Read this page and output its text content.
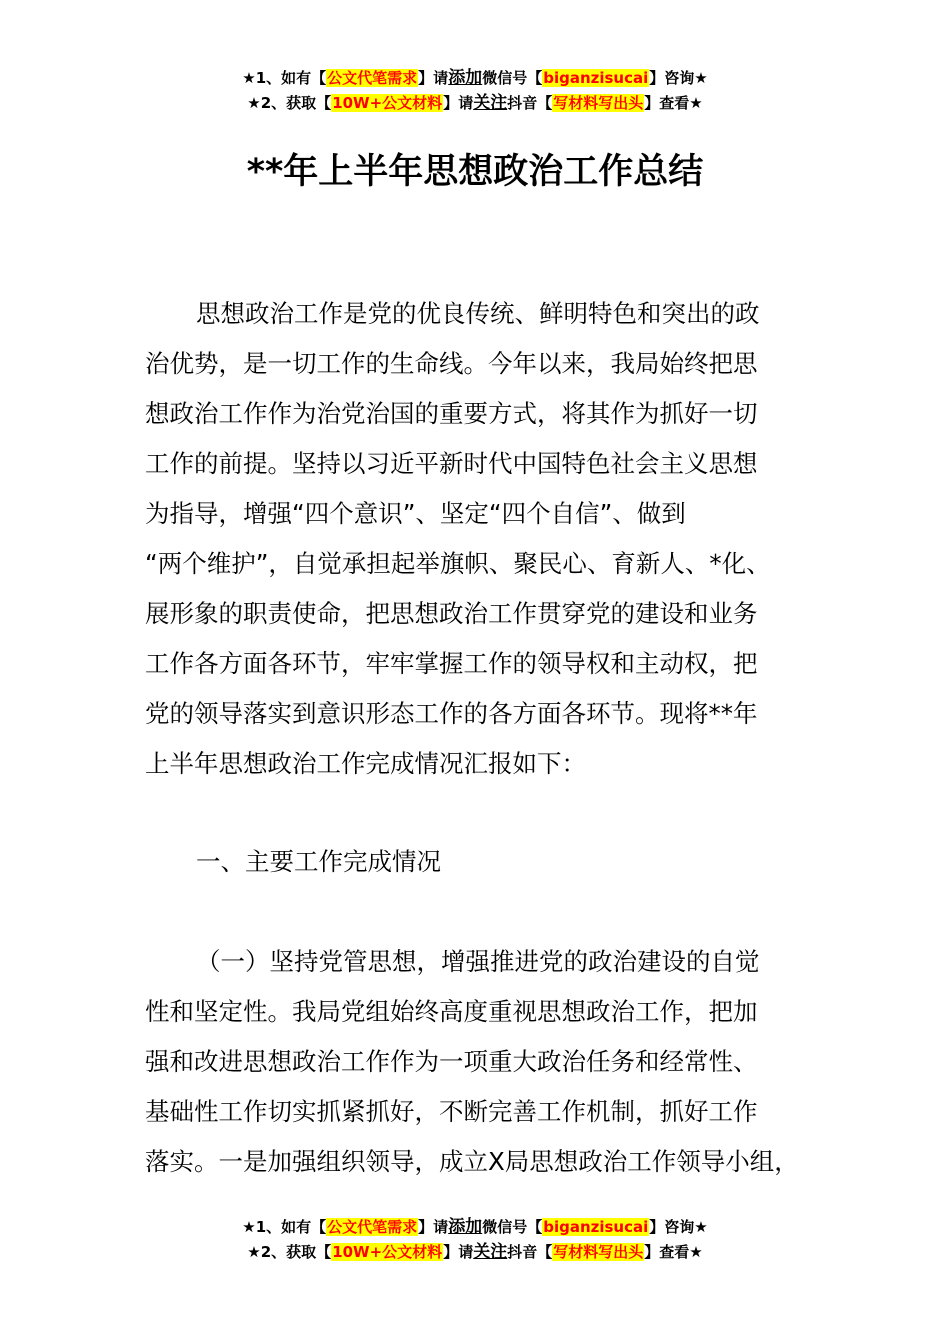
★1、如有【公文代笔需求】请添加微信号【biganzisucai】咨询★
★2、获取【10W+公文材料】请关注抖音【写材料写出头】查看★
**年上半年思想政治工作总结
思想政治工作是党的优良传统、鲜明特色和突出的政
治优势，是一切工作的生命线。今年以来，我局始终把思
想政治工作作为治党治国的重要方式，将其作为抓好一切
工作的前提。坚持以习近平新时代中国特色社会主义思想
为指导，增强“四个意识”、坚定“四个自信”、做到
“两个维护”，自觉承担起举旗帜、聚民心、育新人、*化、
展形象的职责使命，把思想政治工作贯穿党的建设和业务
工作各方面各环节，牢牢掌握工作的领导权和主动权，把
党的领导落实到意识形态工作的各方面各环节。现将**年
上半年思想政治工作完成情况汇报如下：
一、主要工作完成情况
（一）坚持党管思想，增强推进党的政治建设的自觉
性和坚定性。我局党组始终高度重视思想政治工作，把加
强和改进思想政治工作作为一项重大政治任务和经常性、
基础性工作切实抓紧抓好，不断完善工作机制，抓好工作
落实。一是加强组织领导，成立X局思想政治工作领导小组，
★1、如有【公文代笔需求】请添加微信号【biganzisucai】咨询★
★2、获取【10W+公文材料】请关注抖音【写材料写出头】查看★
